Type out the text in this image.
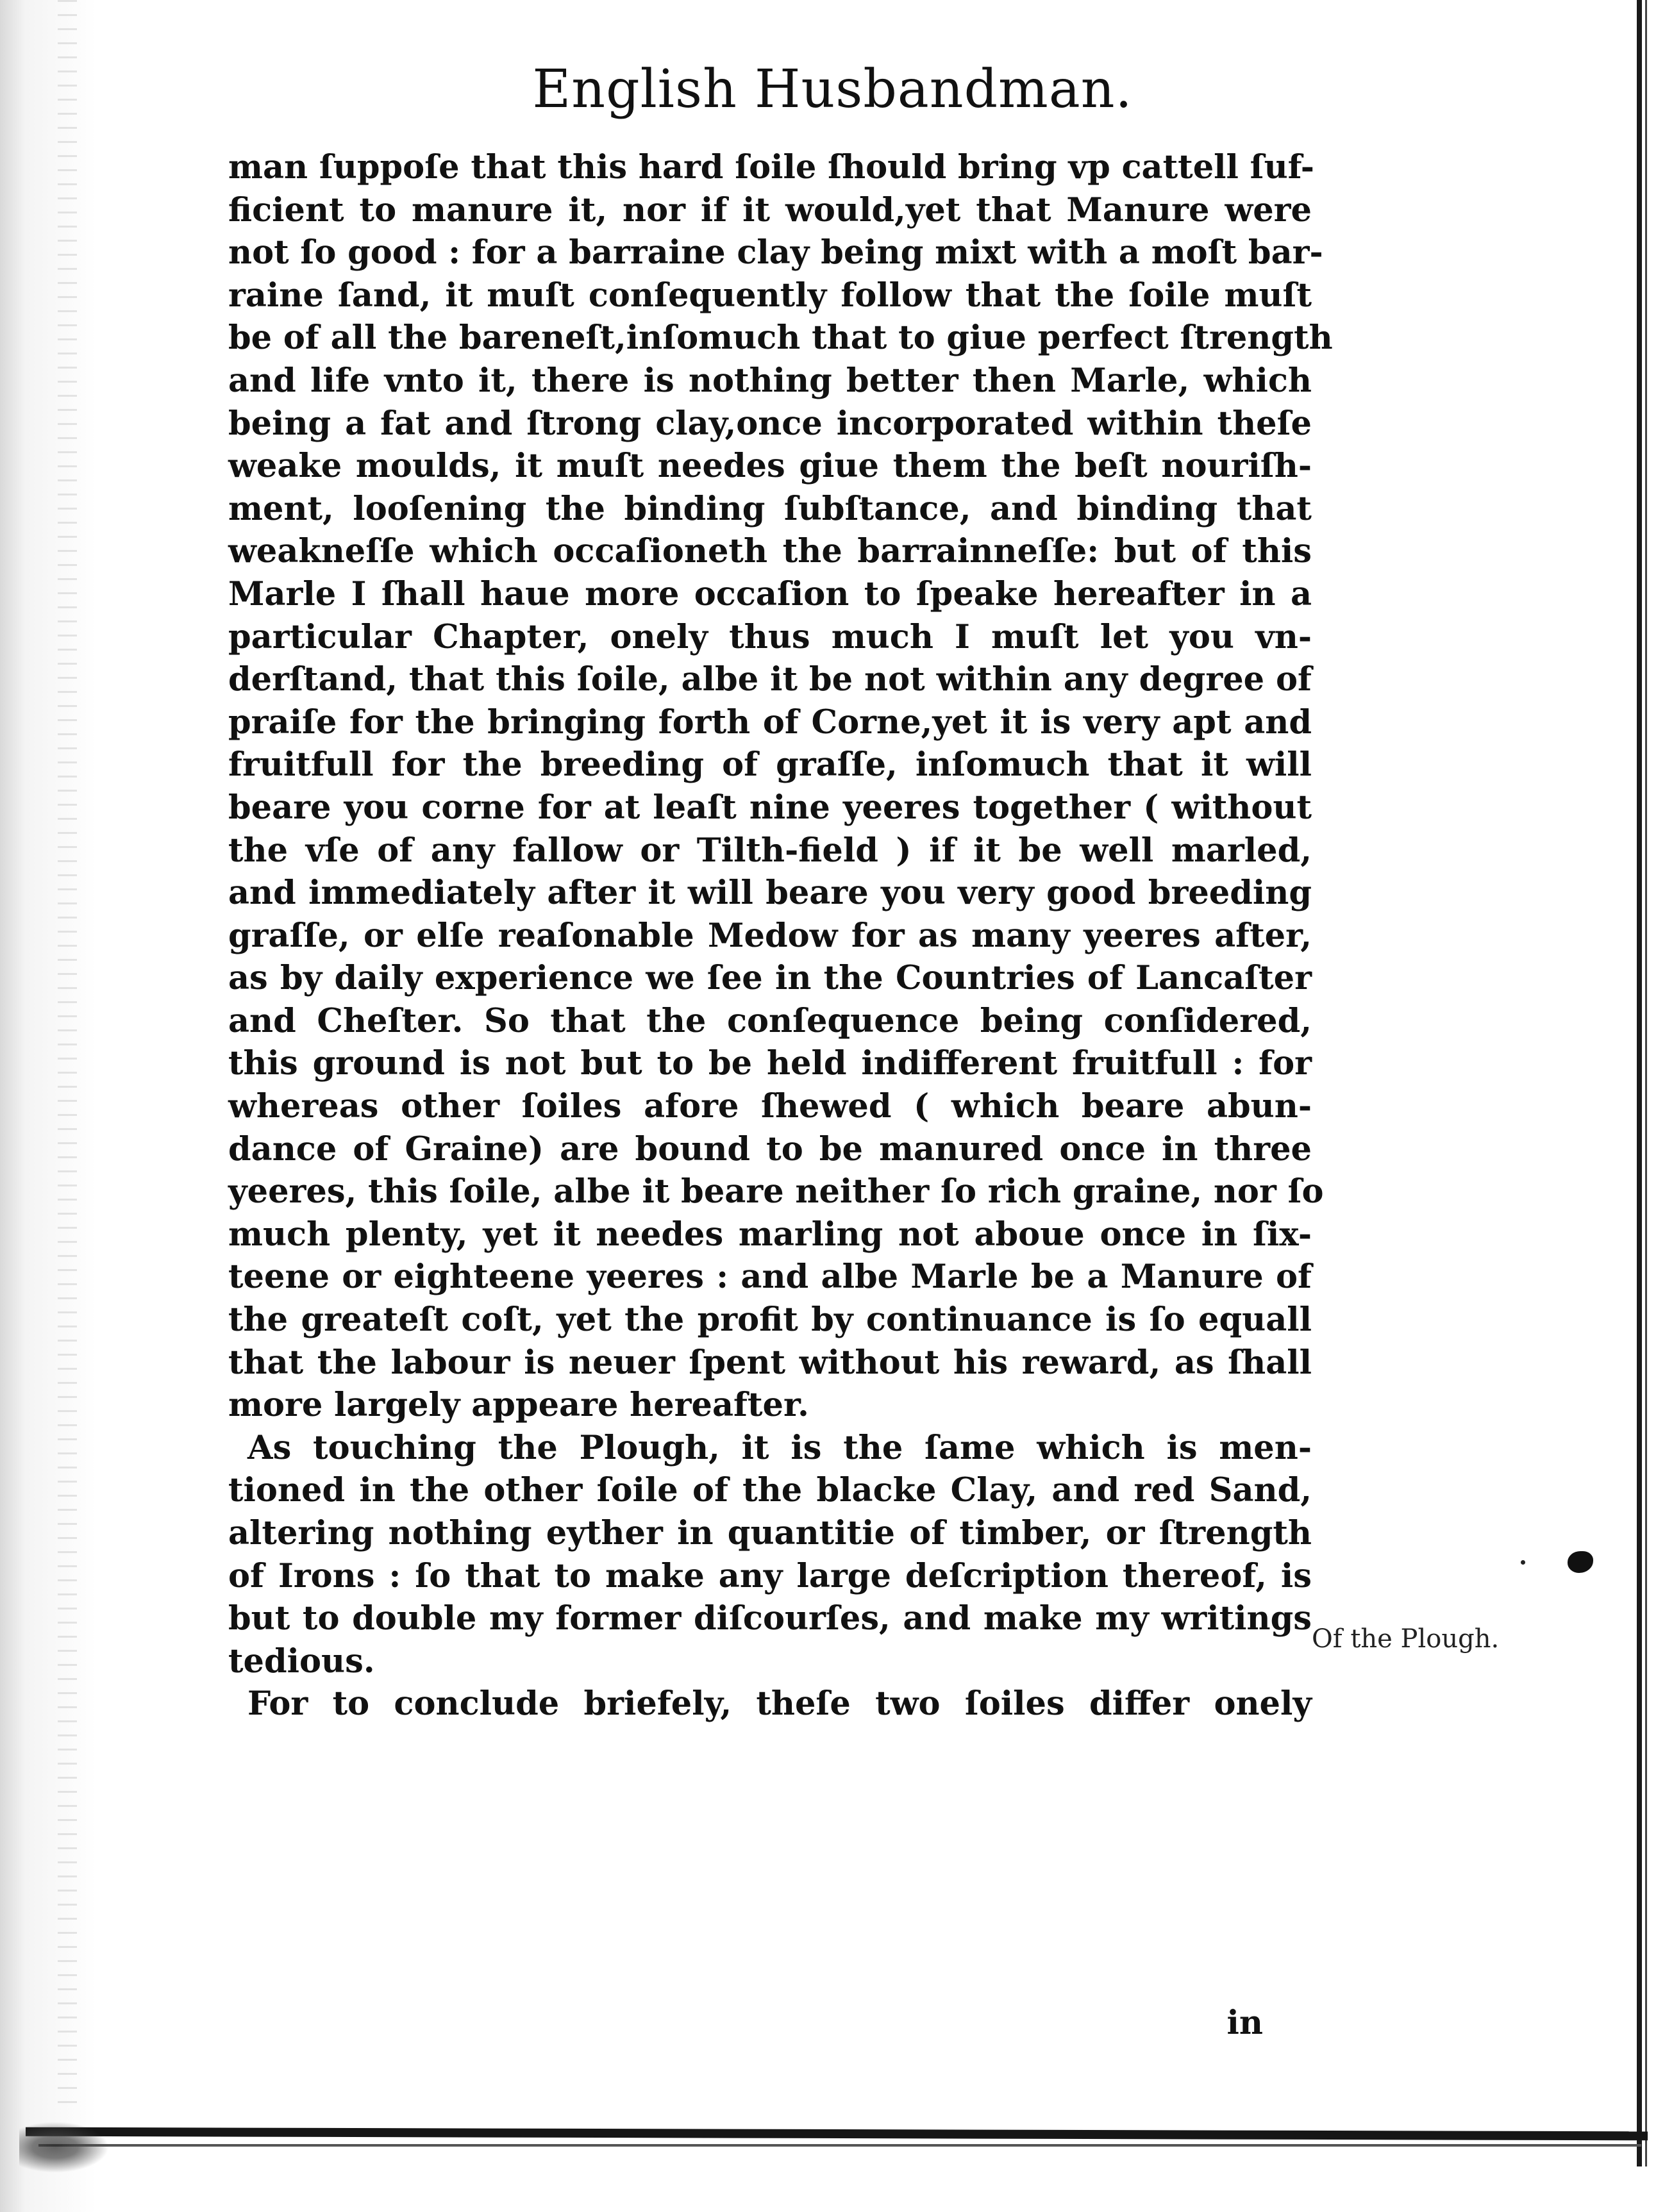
English Husbandman.
man ſuppoſe that this hard ſoile ſhould bring vp cattell ſuf-
ficient to manure it, nor if it would,yet that Manure were
not ſo good : for a barraine clay being mixt with a moſt bar-
raine ſand, it muſt conſequently follow that the ſoile muſt
be of all the bareneſt,inſomuch that to giue perfect ſtrength
and life vnto it, there is nothing better then Marle, which
being a fat and ſtrong clay,once incorporated within theſe
weake moulds, it muſt needes giue them the beſt nouriſh-
ment, looſening the binding ſubſtance, and binding that
weakneſſe which occaſioneth the barrainneſſe: but of this
Marle I ſhall haue more occaſion to ſpeake hereafter in a
particular Chapter, onely thus much I muſt let you vn-
derſtand, that this ſoile, albe it be not within any degree of
praiſe for the bringing forth of Corne,yet it is very apt and
fruitfull for the breeding of graſſe, inſomuch that it will
beare you corne for at leaſt nine yeeres together ( without
the vſe of any fallow or Tilth-field ) if it be well marled,
and immediately after it will beare you very good breeding
graſſe, or elſe reaſonable Medow for as many yeeres after,
as by daily experience we ſee in the Countries of Lancaſter
and Cheſter. So that the conſequence being conſidered,
this ground is not but to be held indifferent fruitfull : for
whereas other ſoiles afore ſhewed ( which beare abun-
dance of Graine) are bound to be manured once in three
yeeres, this ſoile, albe it beare neither ſo rich graine, nor ſo
much plenty, yet it needes marling not aboue once in ſix-
teene or eighteene yeeres : and albe Marle be a Manure of
the greateſt coſt, yet the profit by continuance is ſo equall
that the labour is neuer ſpent without his reward, as ſhall
more largely appeare hereafter.
As touching the Plough, it is the ſame which is men-
tioned in the other ſoile of the blacke Clay, and red Sand,
altering nothing eyther in quantitie of timber, or ſtrength
of Irons : ſo that to make any large deſcription thereof, is
but to double my former diſcourſes, and make my writings
tedious.
For to conclude briefely, theſe two ſoiles differ onely
Of the Plough.
in
